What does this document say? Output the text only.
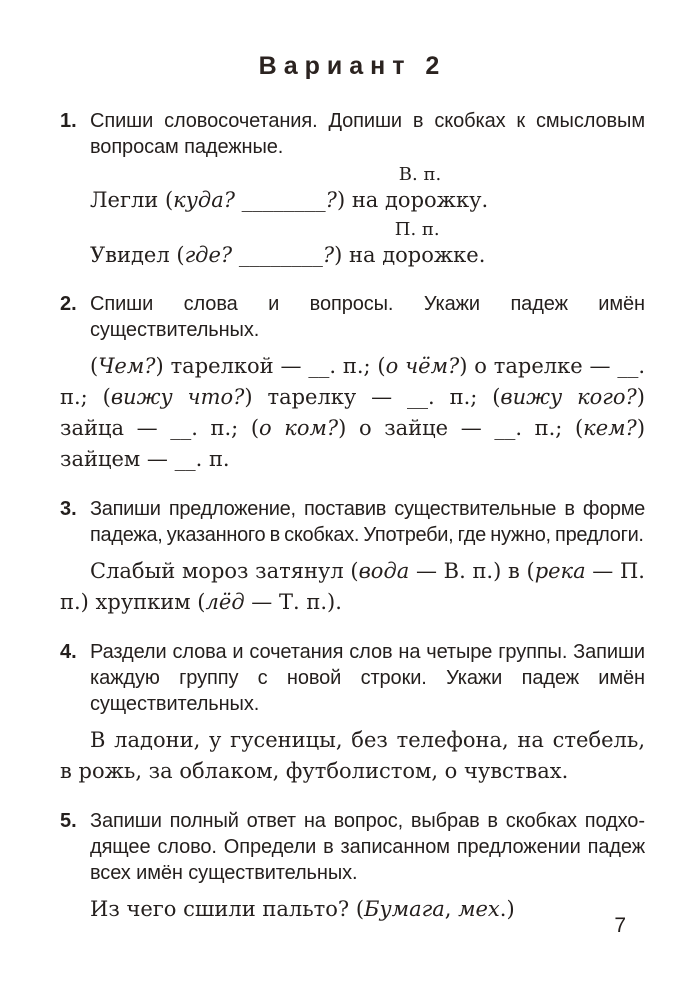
Вариант 2
1. Спиши словосочетания. Допиши в скобках к смысловым вопросам падежные.

Легли (куда? ________?)
В. п.
на дорожку.

Увидел (где? ________?)
П. п.
на дорожке.

2. Спиши слова и вопросы. Укажи падеж имён существительных.

(Чем?) тарелкой — __. п.; (о чём?) о тарелке — __. п.; (вижу что?) тарелку — __. п.; (вижу кого?) зайца — __. п.; (о ком?) о зайце — __. п.; (кем?) зайцем — __. п.

3. Запиши предложение, поставив существительные в форме падежа, указанного в скобках. Употреби, где нужно, предлоги.

Слабый мороз затянул (вода — В. п.) в (река — П. п.) хрупким (лёд — Т. п.).

4. Раздели слова и сочетания слов на четыре группы. Запиши каждую группу с новой строки. Укажи падеж имён существительных.

В ладони, у гусеницы, без телефона, на стебель, в рожь, за облаком, футболистом, о чувствах.

5. Запиши полный ответ на вопрос, выбрав в скобках подходящее слово. Определи в записанном предложении падеж всех имён существительных.

Из чего сшили пальто? (Бумага, мех.)

7
